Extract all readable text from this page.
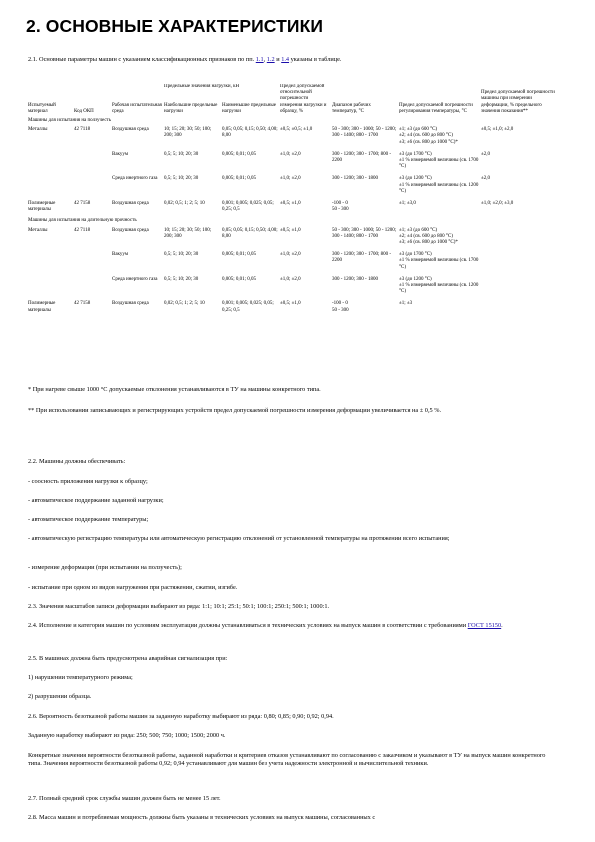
2. ОСНОВНЫЕ ХАРАКТЕРИСТИКИ
2.1. Основные параметры машин с указанием классификационных признаков по пп. 1.1, 1.2 и 1.4 указаны в таблице.
Испытуемый материал	Код ОКП	Рабочая испытательная среда	Предельные значения нагрузки, кН		Предел допускаемой относительной погрешности измерения нагрузки и образцу, %	Диапазон рабочих температур, °С	Предел допускаемой погрешности регулирования температуры, °С	Предел допускаемой погрешности машины при измерении деформации, % предельного значения показания**
			Наибольшие предельные нагрузки	Наименьшие предельные нагрузки				
Машины для испытания на ползучесть								
Металлы	42 7118	Воздушная среда	10; 15; 20; 30; 50; 100; 200; 300	0,05; 0,05; 0,15; 0,50; 4,00; 8,00	±0,5; ±0,5; ±1,0	50 - 300; 300 - 1000; 50 - 1200; 300 - 1400; 800 - 1700	±1; ±3 (до 600 °С)
±2; ±4 (св. 600 до 800 °С)
±3; ±6 (св. 800 до 1000 °С)*	±0,5; ±1,0; ±2,0
		Вакуум	0,5; 5; 10; 20; 30	0,005; 0,01; 0,05	±1,0; ±2,0	300 - 1200; 300 - 1700; 800 - 2200	±3 (до 1700 °С)
±1 % измеряемой величины (св. 1700 °С)	±2,0
		Среда инертного газа	0,5; 5; 10; 20; 30	0,005; 0,01; 0,05	±1,0; ±2,0	300 - 1200; 300 - 1800	±3 (до 1200 °С)
±1 % измеряемой величины (св. 1200 °С)	±2,0
Полимерные материалы	42 7158	Воздушная среда	0,02; 0,5; 1; 2; 5; 10	0,001; 0,005; 0,025; 0,05; 0,25; 0,5	±0,5; ±1,0	-100 - 0
50 - 300	±1; ±3,0	±1,0; ±2,0; ±3,0
Машины для испытания на длительную прочность								
Металлы	42 7118	Воздушная среда	10; 15; 20; 30; 50; 100; 200; 300	0,05; 0,05; 0,15; 0,50; 4,00; 8,00	±0,5; ±1,0	50 - 300; 300 - 1000; 50 - 1200; 300 - 1400; 800 - 1700	±1; ±3 (до 600 °С)
±2; ±4 (св. 600 до 800 °С)
±3; ±6 (св. 800 до 1000 °С)*	
		Вакуум	0,5; 5; 10; 20; 30	0,005; 0,01; 0,05	±1,0; ±2,0	300 - 1200; 300 - 1700; 800 - 2200	±3 (до 1700 °С)
±1 % измеряемой величины (св. 1700 °С)	
		Среда инертного газа	0,5; 5; 10; 20; 30	0,005; 0,01; 0,05	±1,0; ±2,0	300 - 1200; 300 - 1800	±3 (до 1200 °С)
±1 % измеряемой величины (св. 1200 °С)	
Полимерные материалы	42 7158	Воздушная среда	0,02; 0,5; 1; 2; 5; 10	0,001; 0,005; 0,025; 0,05; 0,25; 0,5	±0,5; ±1,0	-100 - 0
50 - 300	±1; ±3	
* При нагреве свыше 1000 °С допускаемые отклонения устанавливаются в ТУ на машины конкретного типа.
** При использовании записывающих и регистрирующих устройств предел допускаемой погрешности измерения деформации увеличивается на ± 0,5 %.
2.2. Машины должны обеспечивать:
- соосность приложения нагрузки к образцу;
- автоматическое поддержание заданной нагрузки;
- автоматическое поддержание температуры;
- автоматическую регистрацию температуры или автоматическую регистрацию отклонений от установленной температуры на протяжении всего испытания;
- измерение деформации (при испытании на ползучесть);
- испытание при одном из видов нагружения при растяжении, сжатии, изгибе.
2.3. Значения масштабов записи деформации выбирают из ряда: 1:1; 10:1; 25:1; 50:1; 100:1; 250:1; 500:1; 1000:1.
2.4. Исполнение и категория машин по условиям эксплуатации должны устанавливаться в технических условиях на выпуск машин в соответствии с требованиями ГОСТ 15150.
2.5. В машинах должна быть предусмотрена аварийная сигнализация при:
1) нарушении температурного режима;
2) разрушении образца.
2.6. Вероятность безотказной работы машин за заданную наработку выбирают из ряда: 0,80; 0,85; 0,90; 0,92; 0,94.
Заданную наработку выбирают из ряда: 250; 500; 750; 1000; 1500; 2000 ч.
Конкретные значения вероятности безотказной работы, заданной наработки и критериев отказов устанавливают по согласованию с заказчиком и указывают в ТУ на выпуск машин конкретного типа. Значения вероятности безотказной работы 0,92; 0,94 устанавливают для машин без учета надежности электронной и вычислительной техники.
2.7. Полный средний срок службы машин должен быть не менее 15 лет.
2.8. Масса машин и потребляемая мощность должны быть указаны в технических условиях на выпуск машины, согласованных с
